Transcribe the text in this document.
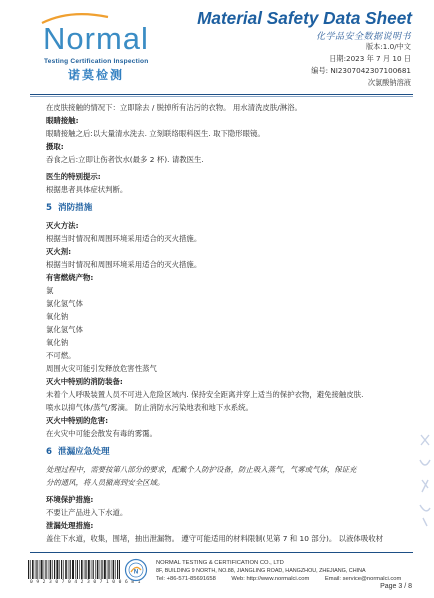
Normal
Testing Certification Inspection
诺莫检测
Material Safety Data Sheet
化学品安全数据说明书
版本:1.0/中文
日期:2023 年 7 月 10 日
编号: NI2307042307100681
次氯酸钠溶液

在皮肤接触的情况下：立即除去 / 脱掉所有沾污的衣物。 用水清洗皮肤/淋浴。

眼睛接触:

眼睛接触之后:以大量清水洗去. 立刻联络眼科医生. 取下隐形眼镜。

摄取:

吞食之后:立即让伤者饮水(最多 2 杯). 请教医生.

医生的特别提示:

根据患者具体症状判断。

5 消防措施

灭火方法:

根据当时情况和周围环境采用适合的灭火措施。

灭火剂:

根据当时情况和周围环境采用适合的灭火措施。

有害燃烧产物:

氯

氯化氢气体

氧化钠

氯化氢气体

氧化钠

不可燃。

周围火灾可能引发释放危害性蒸气

灭火中特别的消防装备:

未着个人呼吸装置人员不可进入危险区域内. 保持安全距离并穿上适当的保护衣物，避免接触皮肤.

喷水以抑气体/蒸气/雾滴。 防止消防水污染地表和地下水系统。

灭火中特别的危害:

在火灾中可能会散发有毒的雾霭。

6 泄漏应急处理

处理过程中，需要按第八部分的要求，配戴个人防护设备，防止吸入蒸气，气雾或气体，保证充

分的通风，将人员撤离到安全区域。

环境保护措施:

不要让产品进入下水道。

泄漏处理措施:

盖住下水道，收集，围堵，抽出泄漏物。 遵守可能适用的材料限制(见第 7 和 10 部分)。 以液体吸收材

0 9 2 3 0 7 0 4 2 3 0 7 1 0 0 6 8 1
N
NORMAL TESTING & CERTIFICATION CO., LTD
8F, BUILDING 9 NORTH, NO.88, JIANGLING ROAD, HANGZHOU, ZHEJIANG, CHINA
Tel: +86-571-85691658	Web: http://www.normalci.com	Email: service@normalci.com
Page 3 / 8
